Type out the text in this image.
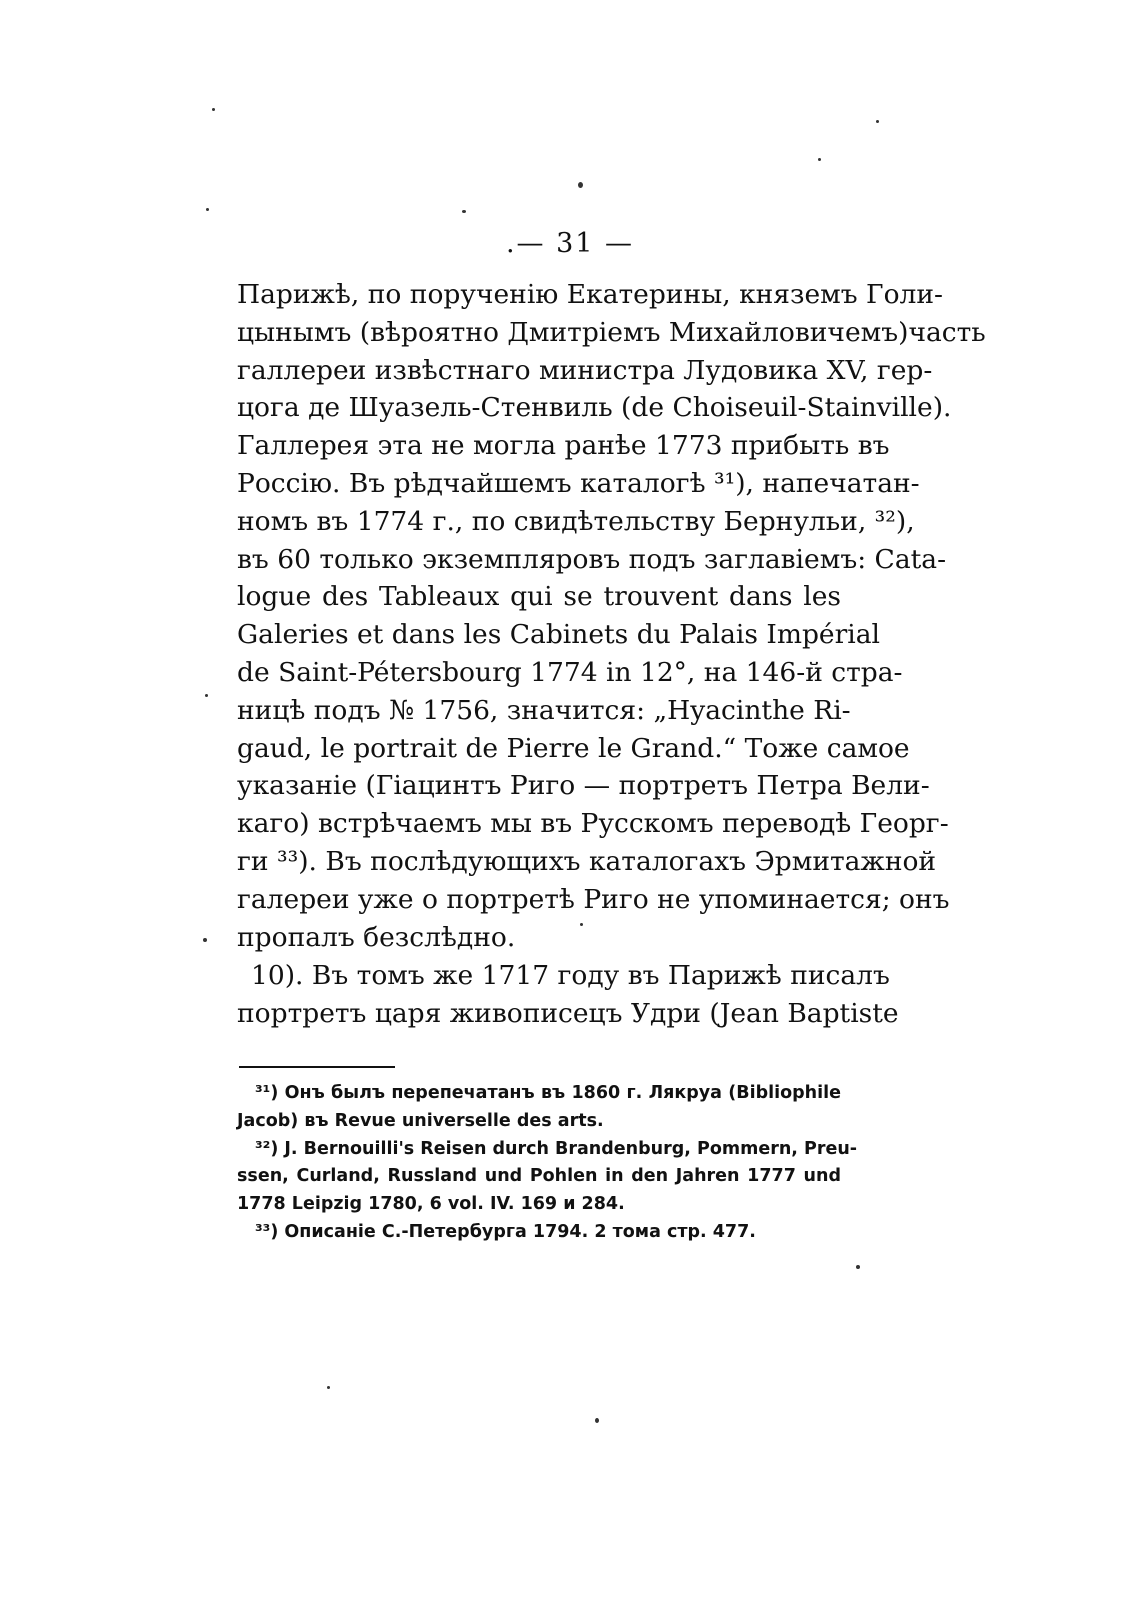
.— 31 —
Парижѣ, по порученію Екатерины, княземъ Голи-
цынымъ (вѣроятно Дмитріемъ Михайловичемъ)часть
галлереи извѣстнаго министра Лудовика XV, гер-
цога де Шуазель-Стенвиль (de Choiseuil-Stainville).
Галлерея эта не могла ранѣе 1773 прибыть въ
Россію. Въ рѣдчайшемъ каталогѣ ³¹), напечатан-
номъ въ 1774 г., по свидѣтельству Бернульи, ³²),
въ 60 только экземпляровъ подъ заглавіемъ: Cata-
logue des Tableaux qui se trouvent dans les
Galeries et dans les Cabinets du Palais Impérial
de Saint-Pétersbourg 1774 in 12°, на 146-й стра-
ницѣ подъ № 1756, значится: „Hyacinthe Ri-
gaud, le portrait de Pierre le Grand.“ Тоже самое
указаніе (Гіацинтъ Риго — портретъ Петра Вели-
каго) встрѣчаемъ мы въ Русскомъ переводѣ Георг-
ги ³³). Въ послѣдующихъ каталогахъ Эрмитажной
галереи уже о портретѣ Риго не упоминается; онъ
пропалъ безслѣдно.
10). Въ томъ же 1717 году въ Парижѣ писалъ
портретъ царя живописецъ Удри (Jean Baptiste
³¹) Онъ былъ перепечатанъ въ 1860 г. Лякруа (Bibliophile
Jacob) въ Revue universelle des arts.
³²) J. Bernouilli's Reisen durch Brandenburg, Pommern, Preu-
ssen, Curland, Russland und Pohlen in den Jahren 1777 und
1778 Leipzig 1780, 6 vol. IV. 169 и 284.
³³) Описаніе С.-Петербурга 1794. 2 тома стр. 477.
